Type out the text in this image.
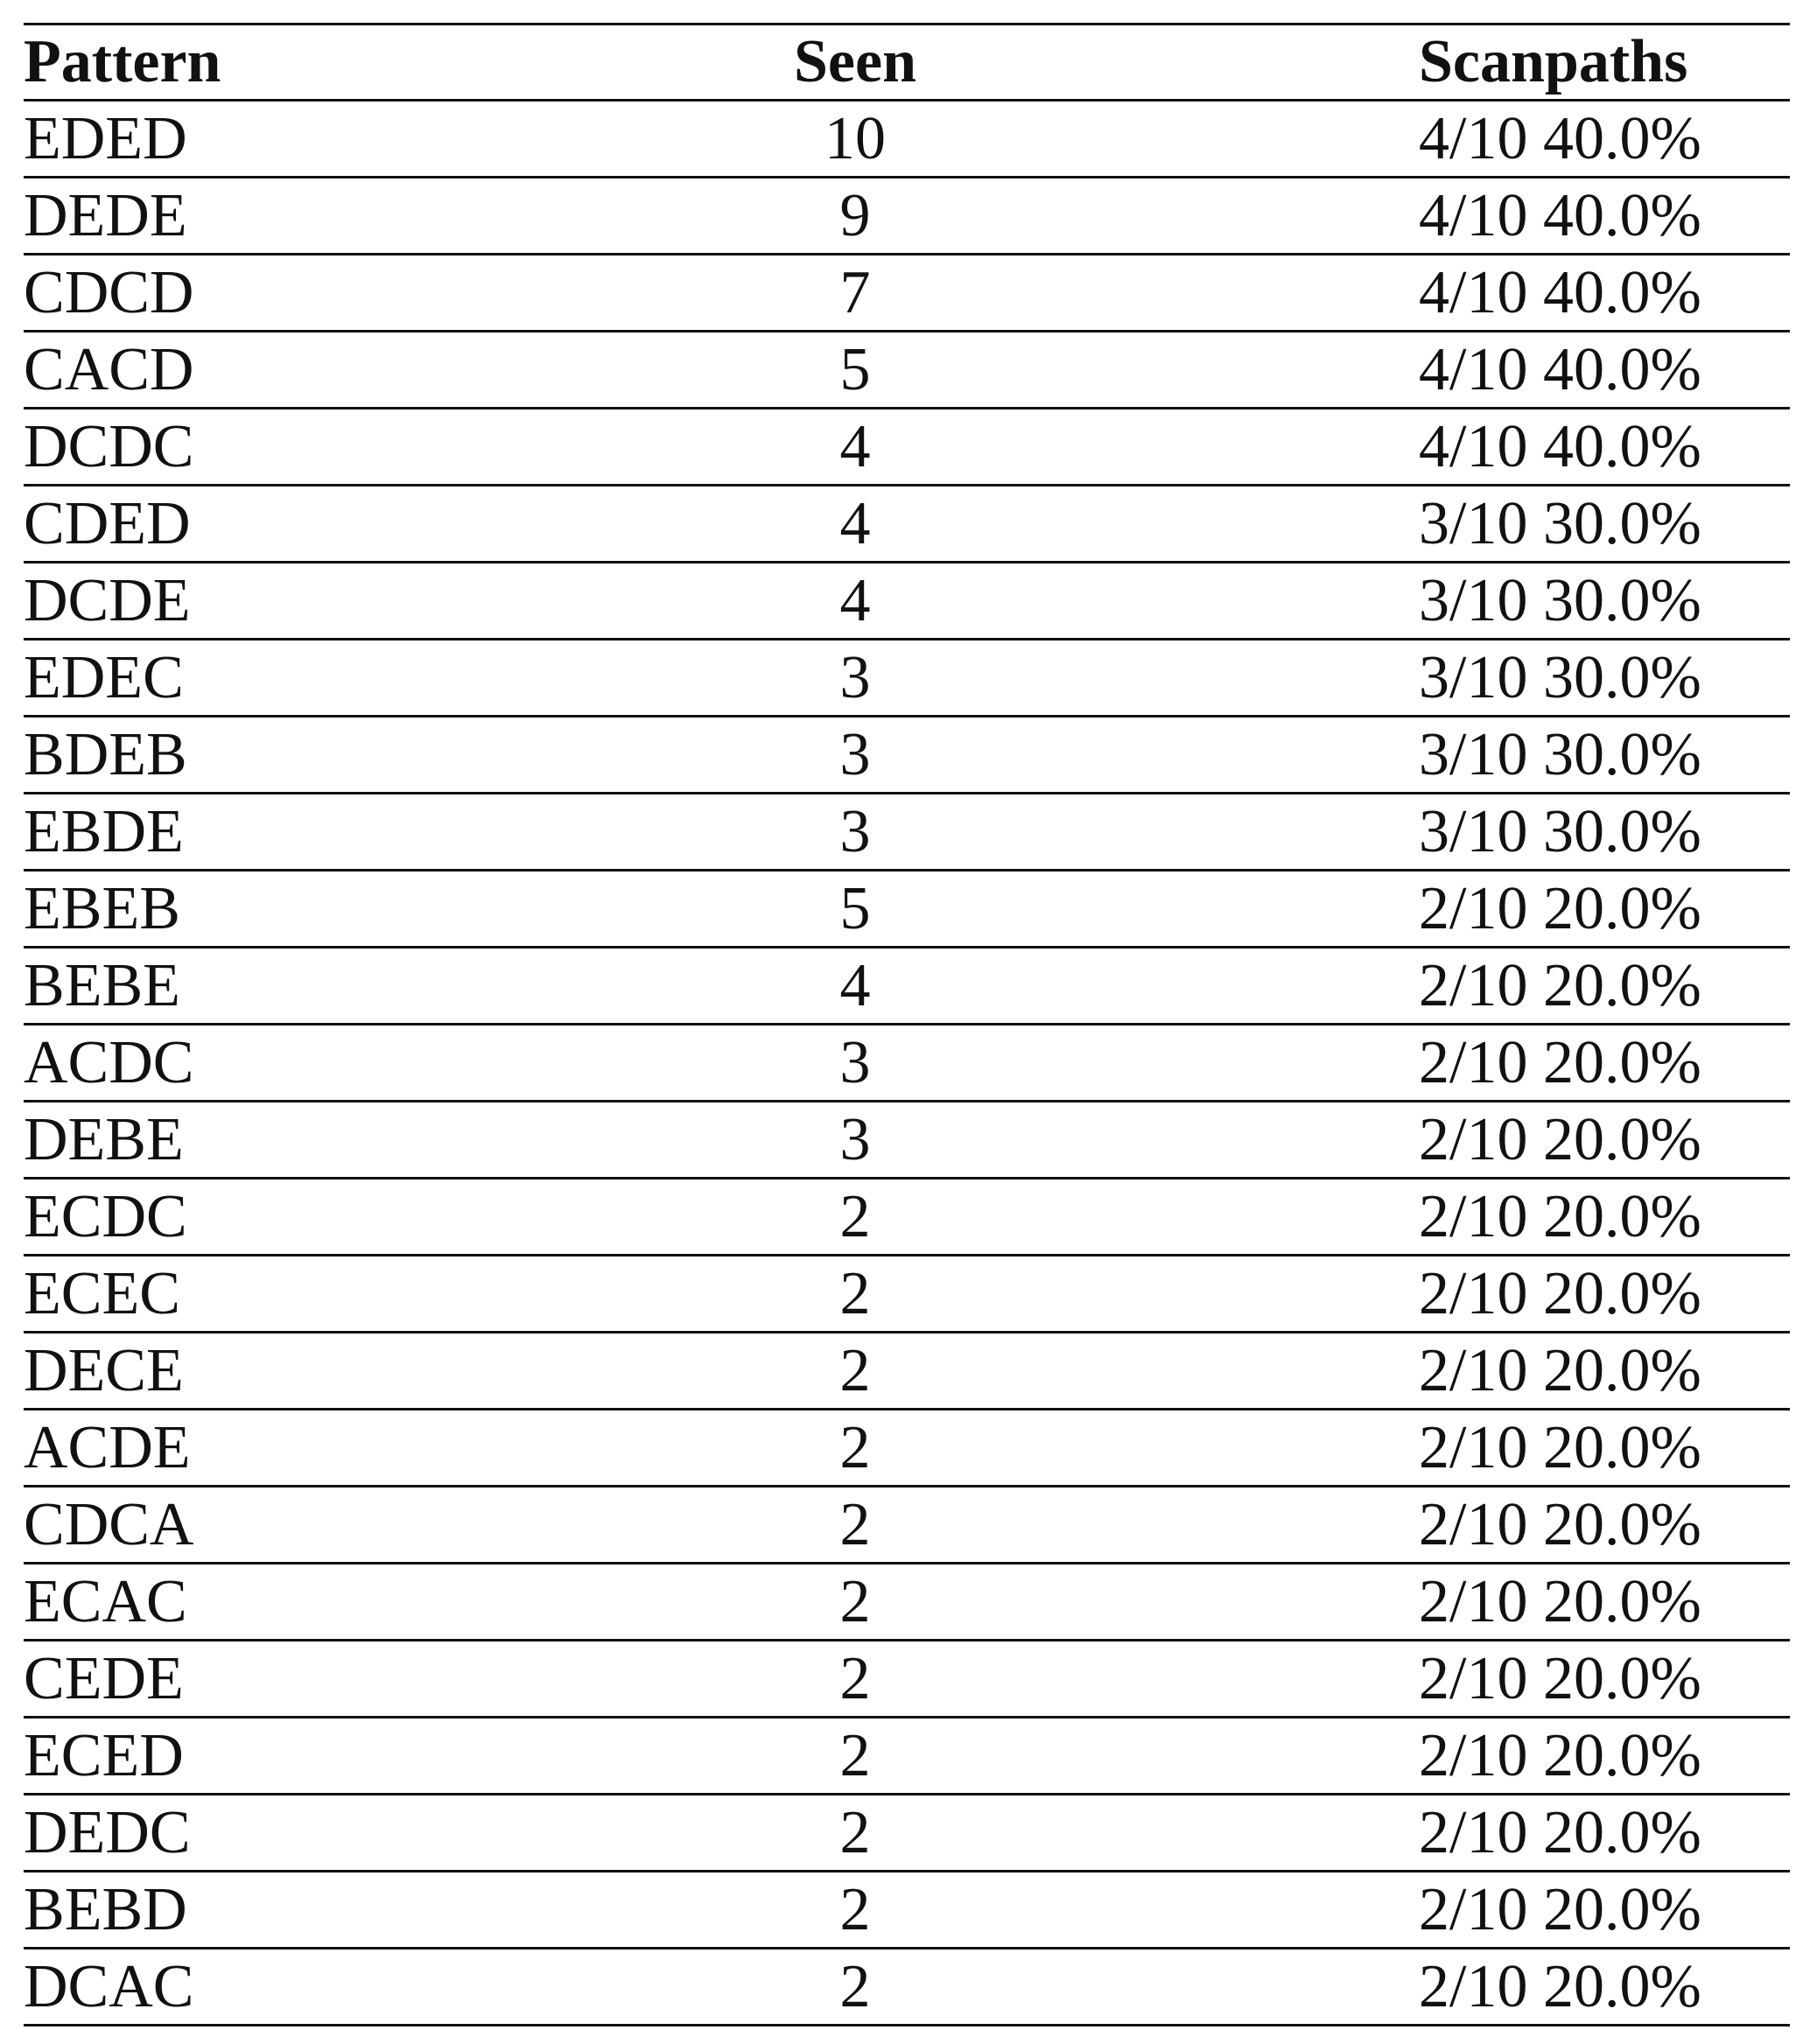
Pattern	Seen	Scanpaths
EDED	10	4/10 40.0%
DEDE	9	4/10 40.0%
CDCD	7	4/10 40.0%
CACD	5	4/10 40.0%
DCDC	4	4/10 40.0%
CDED	4	3/10 30.0%
DCDE	4	3/10 30.0%
EDEC	3	3/10 30.0%
BDEB	3	3/10 30.0%
EBDE	3	3/10 30.0%
EBEB	5	2/10 20.0%
BEBE	4	2/10 20.0%
ACDC	3	2/10 20.0%
DEBE	3	2/10 20.0%
ECDC	2	2/10 20.0%
ECEC	2	2/10 20.0%
DECE	2	2/10 20.0%
ACDE	2	2/10 20.0%
CDCA	2	2/10 20.0%
ECAC	2	2/10 20.0%
CEDE	2	2/10 20.0%
ECED	2	2/10 20.0%
DEDC	2	2/10 20.0%
BEBD	2	2/10 20.0%
DCAC	2	2/10 20.0%
